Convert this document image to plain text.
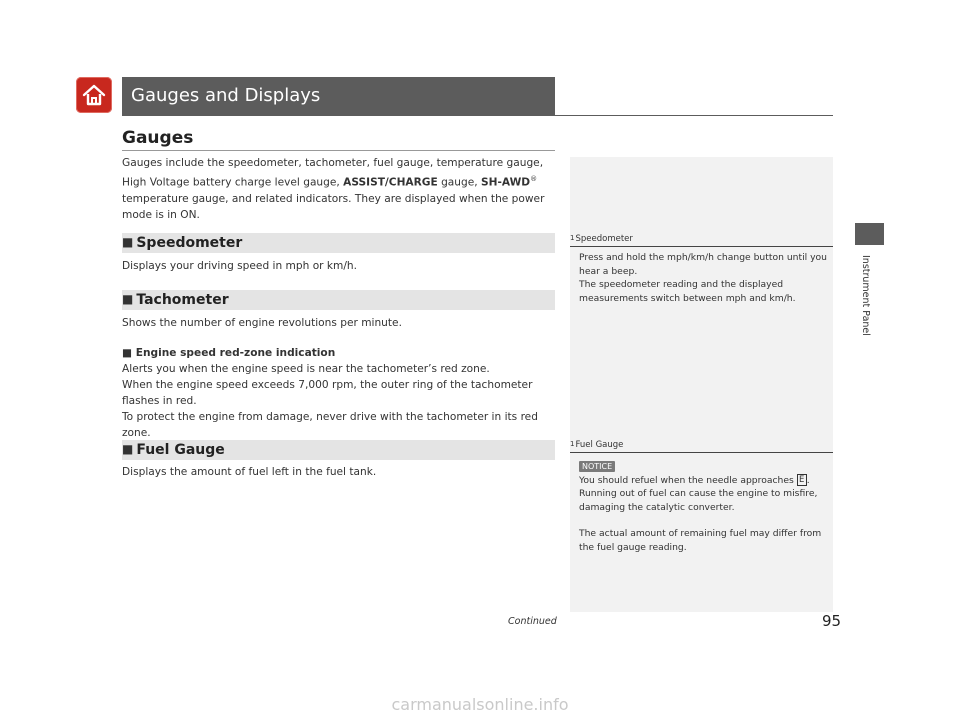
Gauges and Displays
Gauges
Gauges include the speedometer, tachometer, fuel gauge, temperature gauge, High Voltage battery charge level gauge, ASSIST/CHARGE gauge, SH-AWD® temperature gauge, and related indicators. They are displayed when the power mode is in ON.
■ Speedometer
Displays your driving speed in mph or km/h.
■ Tachometer
Shows the number of engine revolutions per minute.
■ Engine speed red-zone indication
Alerts you when the engine speed is near the tachometer’s red zone.
When the engine speed exceeds 7,000 rpm, the outer ring of the tachometer flashes in red.
To protect the engine from damage, never drive with the tachometer in its red zone.
■ Fuel Gauge
Displays the amount of fuel left in the fuel tank.
1Speedometer
Press and hold the mph/km/h change button until you hear a beep.
The speedometer reading and the displayed measurements switch between mph and km/h.
1Fuel Gauge
NOTICE
You should refuel when the needle approaches E .
Running out of fuel can cause the engine to misfire, damaging the catalytic converter.
The actual amount of remaining fuel may differ from the fuel gauge reading.
Instrument Panel
Continued	95
carmanualsonline.info
